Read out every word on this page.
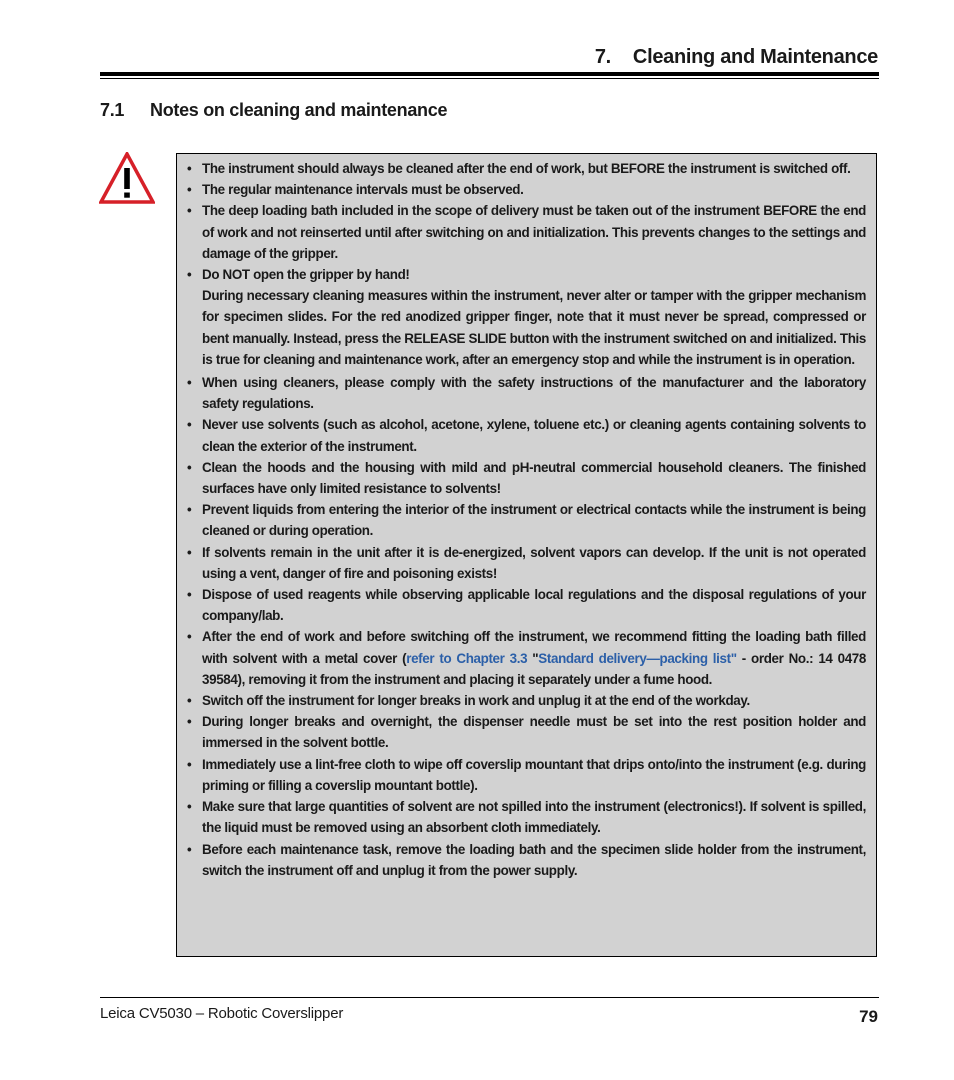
7. Cleaning and Maintenance
7.1 Notes on cleaning and maintenance
• The instrument should always be cleaned after the end of work, but BEFORE the instrument is switched off.
• The regular maintenance intervals must be observed.
• The deep loading bath included in the scope of delivery must be taken out of the instrument BEFORE the end of work and not reinserted until after switching on and initialization. This prevents changes to the settings and damage of the gripper.
• Do NOT open the gripper by hand!
During necessary cleaning measures within the instrument, never alter or tamper with the gripper mechanism for specimen slides. For the red anodized gripper finger, note that it must never be spread, compressed or bent manually. Instead, press the RELEASE SLIDE button with the instrument switched on and initialized. This is true for cleaning and maintenance work, after an emergency stop and while the instrument is in operation.
• When using cleaners, please comply with the safety instructions of the manufacturer and the laboratory safety regulations.
• Never use solvents (such as alcohol, acetone, xylene, toluene etc.) or cleaning agents containing solvents to clean the exterior of the instrument.
• Clean the hoods and the housing with mild and pH-neutral commercial household cleaners. The finished surfaces have only limited resistance to solvents!
• Prevent liquids from entering the interior of the instrument or electrical contacts while the instrument is being cleaned or during operation.
• If solvents remain in the unit after it is de-energized, solvent vapors can develop. If the unit is not operated using a vent, danger of fire and poisoning exists!
• Dispose of used reagents while observing applicable local regulations and the disposal regulations of your company/lab.
• After the end of work and before switching off the instrument, we recommend fitting the loading bath filled with solvent with a metal cover (refer to Chapter 3.3 "Standard delivery—packing list" - order No.: 14 0478 39584), removing it from the instrument and placing it separately under a fume hood.
• Switch off the instrument for longer breaks in work and unplug it at the end of the workday.
• During longer breaks and overnight, the dispenser needle must be set into the rest position holder and immersed in the solvent bottle.
• Immediately use a lint-free cloth to wipe off coverslip mountant that drips onto/into the instrument (e.g. during priming or filling a coverslip mountant bottle).
• Make sure that large quantities of solvent are not spilled into the instrument (electronics!). If solvent is spilled, the liquid must be removed using an absorbent cloth immediately.
• Before each maintenance task, remove the loading bath and the specimen slide holder from the instrument, switch the instrument off and unplug it from the power supply.
Leica CV5030 – Robotic Coverslipper	79
